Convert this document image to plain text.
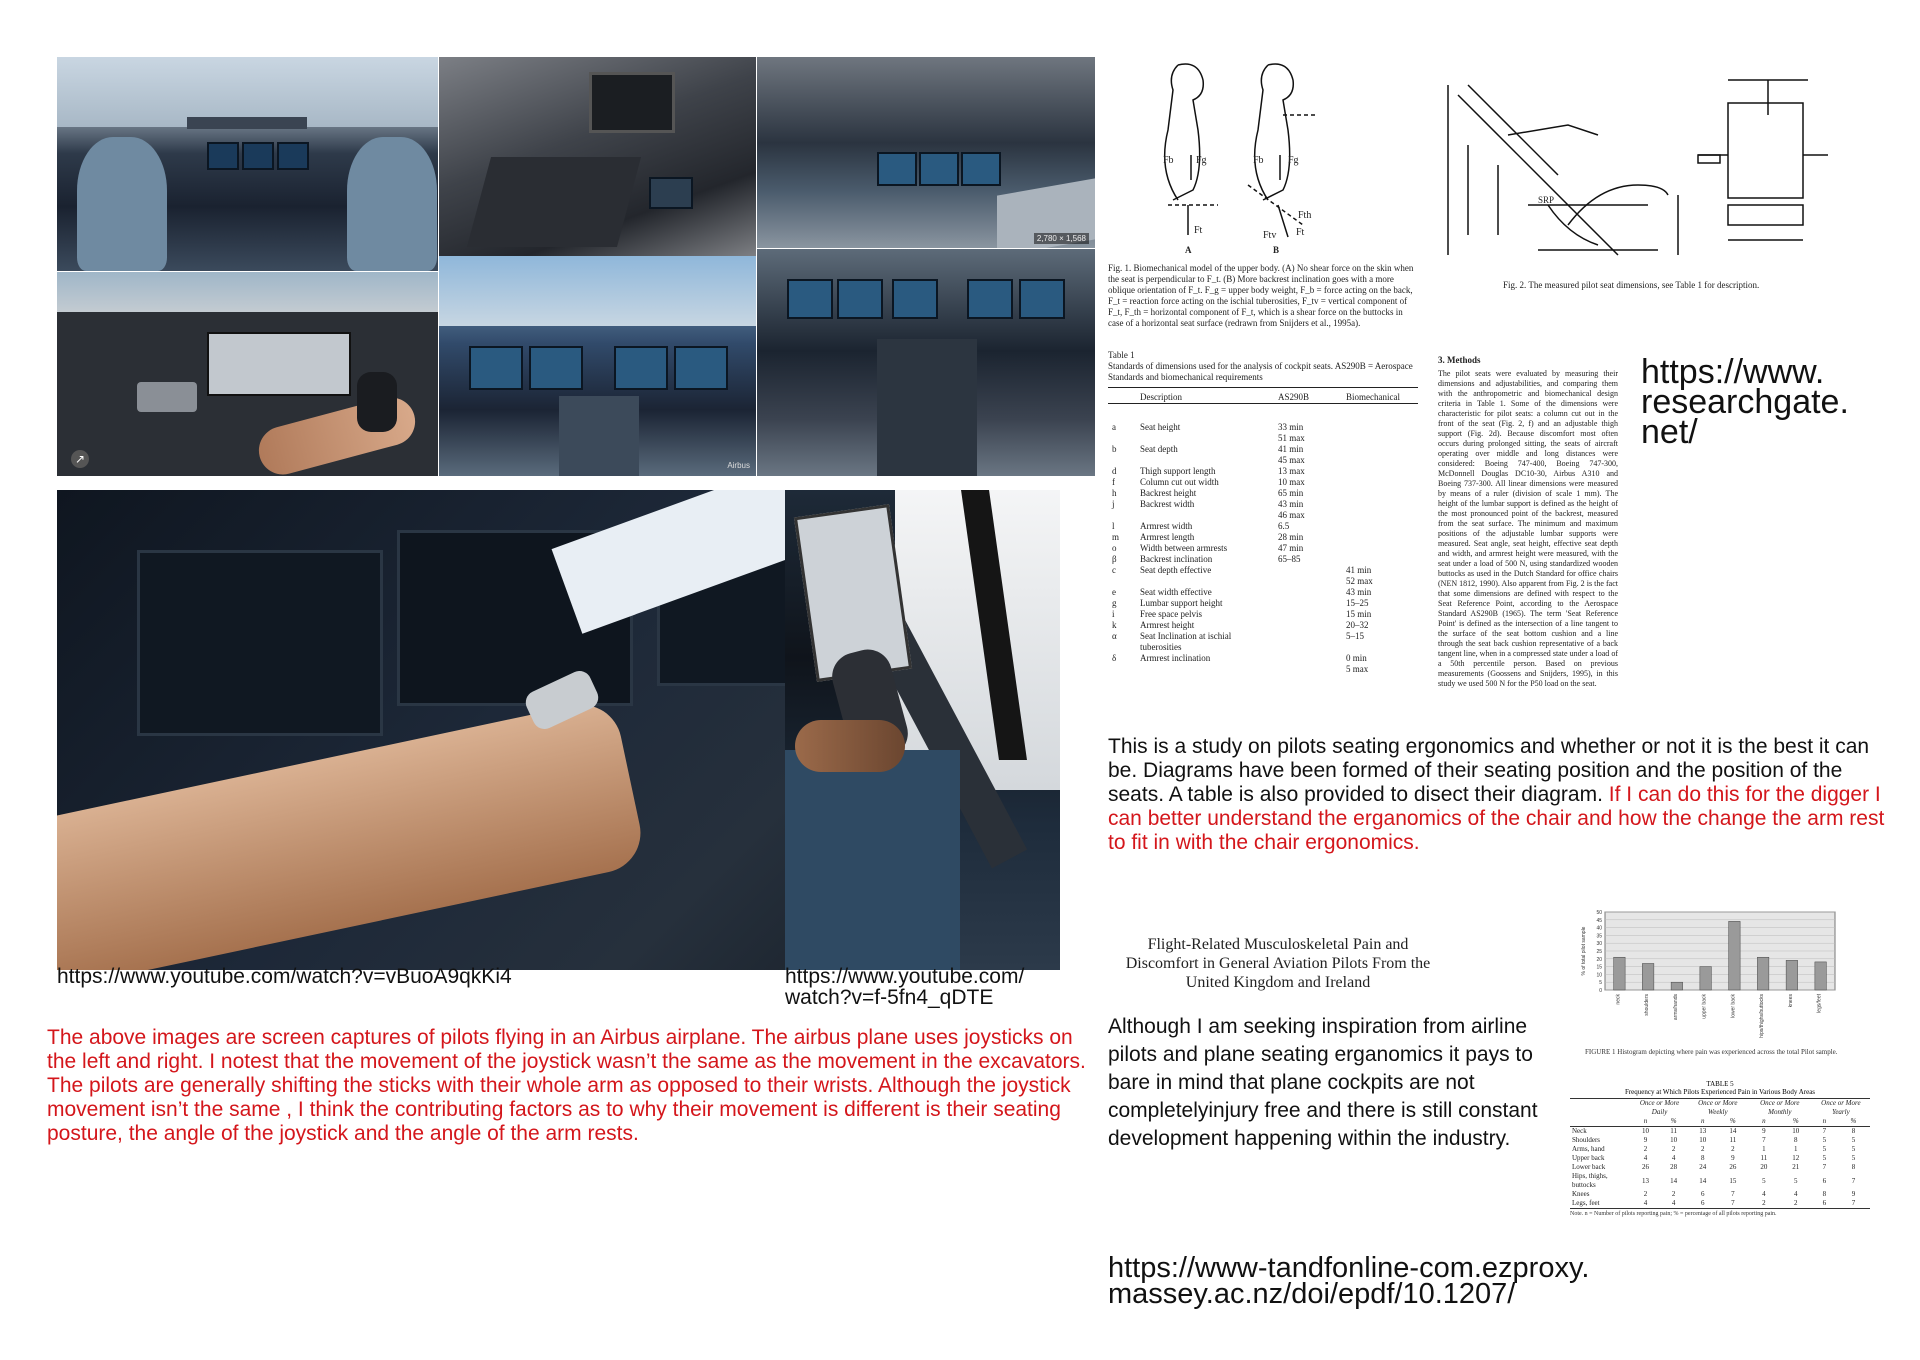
2,780 × 1,568
↗	Airbus
https://www.youtube.com/watch?v=vBuoA9qkKi4	https://www.youtube.com/
watch?v=f-5fn4_qDTE
The above images are screen captures of pilots flying in an Airbus airplane. The airbus plane uses joysticks on the left and right. I notest that the movement of the joystick wasn’t the same as the movement in the excavators. The pilots are generally shifting the sticks with their whole arm as opposed to their wrists. Although the joystick movement isn’t the same , I think the contributing factors as to why their movement is different is their seating posture, the angle of the joystick and the angle of the arm rests.
A	B
Fb Fg
Ft
Fb Fg
Fth
Ftv Ft
Fig. 1. Biomechanical model of the upper body. (A) No shear force on the skin when the seat is perpendicular to F_t. (B) More backrest inclination goes with a more oblique orientation of F_t. F_g = upper body weight, F_b = force acting on the back, F_t = reaction force acting on the ischial tuberosities, F_tv = vertical component of F_t, F_th = horizontal component of F_t, which is a shear force on the buttocks in case of a horizontal seat surface (redrawn from Snijders et al., 1995a).
Table 1
Standards of dimensions used for the analysis of cockpit seats. AS290B = Aerospace Standards and biomechanical requirements
	Description	AS290B	Biomechanical

a	Seat height	33 min	
		51 max	
b	Seat depth	41 min	
		45 max	
d	Thigh support length	13 max	
f	Column cut out width	10 max	
h	Backrest height	65 min	
j	Backrest width	43 min	
		46 max	
l	Armrest width	6.5	
m	Armrest length	28 min	
o	Width between armrests	47 min	
β	Backrest inclination	65–85	
c	Seat depth effective		41 min
			52 max
e	Seat width effective		43 min
g	Lumbar support height		15–25
i	Free space pelvis		15 min
k	Armrest height		20–32
α	Seat Inclination at ischial tuberosities		5–15
δ	Armrest inclination		0 min
			5 max
SRP
Fig. 2. The measured pilot seat dimensions, see Table 1 for description.
3. Methods
The pilot seats were evaluated by measuring their dimensions and adjustabilities, and comparing them with the anthropometric and biomechanical design criteria in Table 1. Some of the dimensions were characteristic for pilot seats: a column cut out in the front of the seat (Fig. 2, f) and an adjustable thigh support (Fig. 2d). Because discomfort most often occurs during prolonged sitting, the seats of aircraft operating over middle and long distances were considered: Boeing 747-400, Boeing 747-300, McDonnell Douglas DC10-30, Airbus A310 and Boeing 737-300. All linear dimensions were measured by means of a ruler (division of scale 1 mm). The height of the lumbar support is defined as the height of the most pronounced point of the backrest, measured from the seat surface. The minimum and maximum positions of the adjustable lumbar supports were measured. Seat angle, seat height, effective seat depth and width, and armrest height were measured, with the seat under a load of 500 N, using standardized wooden buttocks as used in the Dutch Standard for office chairs (NEN 1812, 1990). Also apparent from Fig. 2 is the fact that some dimensions are defined with respect to the Seat Reference Point, according to the Aerospace Standard AS290B (1965). The term 'Seat Reference Point' is defined as the intersection of a line tangent to the surface of the seat bottom cushion and a line through the seat back cushion representative of a back tangent line, when in a compressed state under a load of a 50th percentile person. Based on previous measurements (Goossens and Snijders, 1995), in this study we used 500 N for the P50 load on the seat.
https://www.
researchgate.
net/
This is a study on pilots seating ergonomics and whether or not it is the best it can be. Diagrams have been formed of their seating position and the position of the seats. A table is also provided to disect their diagram. If I can do this for the digger I can better understand the erganomics of the chair and how the change the arm rest to fit in with the chair ergonomics.
Flight-Related Musculoskeletal Pain and Discomfort in General Aviation Pilots From the United Kingdom and Ireland
Although I am seeking inspiration from airline pilots and plane seating erganomics it pays to bare in mind that plane cockpits are not completelyinjury free and there is still constant development happening within the industry.
0
5
10
15
20
25
30
35
40
45
50
% of total pilot sample
neck	shoulders	arms/hands	upper back	lower back	hips/thighs/buttocks	knees	legs/feet
FIGURE 1 Histogram depicting where pain was experienced across the total Pilot sample.
TABLE 5
Frequency at Which Pilots Experienced Pain in Various Body Areas
	Once or More Daily		Once or More Weekly		Once or More Monthly		Once or More Yearly	
	n	%	n	%	n	%	n	%
Neck	10	11	13	14	9	10	7	8
Shoulders	9	10	10	11	7	8	5	5
Arms, hand	2	2	2	2	1	1	5	5
Upper back	4	4	8	9	11	12	5	5
Lower back	26	28	24	26	20	21	7	8
Hips, thighs, buttocks	13	14	14	15	5	5	6	7
Knees	2	2	6	7	4	4	8	9
Legs, feet	4	4	6	7	2	2	6	7
Note. n = Number of pilots reporting pain; % = percentage of all pilots reporting pain.
https://www-tandfonline-com.ezproxy.
massey.ac.nz/doi/epdf/10.1207/
